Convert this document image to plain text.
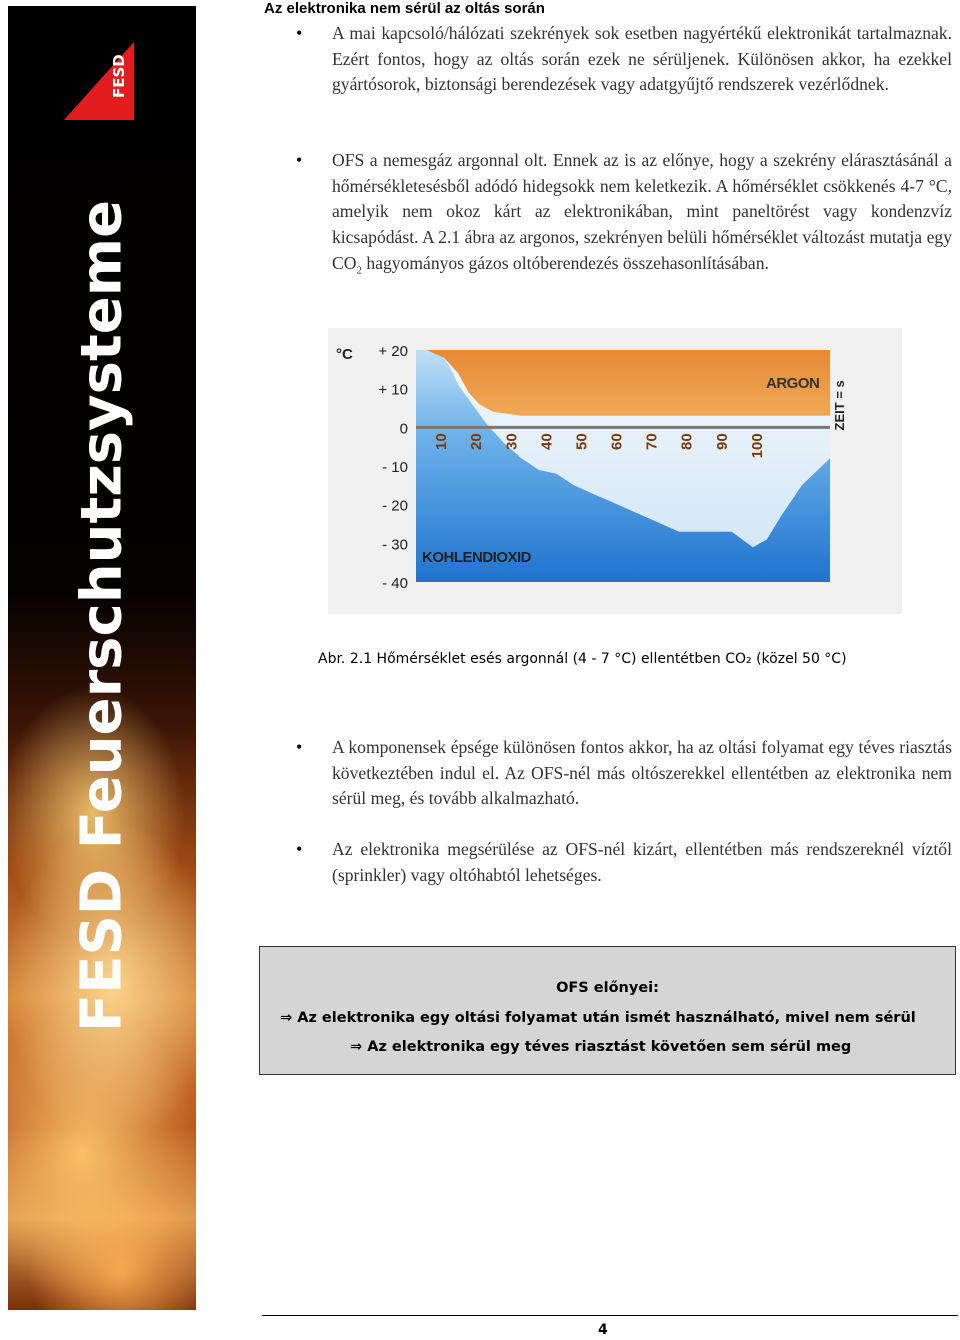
FESD
FESD Feuerschutzsysteme
Az elektronika nem sérül az oltás során
• A mai kapcsoló/hálózati szekrények sok esetben nagyértékű elektronikát tartalmaznak. Ezért fontos, hogy az oltás során ezek ne sérüljenek. Különösen akkor, ha ezekkel gyártósorok, biztonsági berendezések vagy adatgyűjtő rendszerek vezérlődnek.

• OFS a nemesgáz argonnal olt. Ennek az is az előnye, hogy a szekrény elárasztásánál a hőmérsékletesésből adódó hidegsokk nem keletkezik. A hőmérséklet csökkenés 4-7 °C, amelyik nem okoz kárt az elektronikában, mint paneltörést vagy kondenzvíz kicsapódást. A 2.1 ábra az argonos, szekrényen belüli hőmérséklet változást mutatja egy $CO_2$ hagyományos gázos oltóberendezés összehasonlításában.

+ 20
+ 10
0
- 10
- 20
- 30
- 40
°C
10 20 30 40 50 60 70 80 90 100
ZEIT = s
ARGON
KOHLENDIOXID

Abr. 2.1 Hőmérséklet esés argonnál (4 - 7 °C) ellentétben CO₂ (közel 50 °C)

• A komponensek épsége különösen fontos akkor, ha az oltási folyamat egy téves riasztás következtében indul el. Az OFS-nél más oltószerekkel ellentétben az elektronika nem sérül meg, és tovább alkalmazható.

• Az elektronika megsérülése az OFS-nél kizárt, ellentétben más rendszereknél víztől (sprinkler) vagy oltóhabtól lehetséges.

OFS előnyei:
⇒ Az elektronika egy oltási folyamat után ismét használható, mivel nem sérül
⇒ Az elektronika egy téves riasztást követően sem sérül meg
4
